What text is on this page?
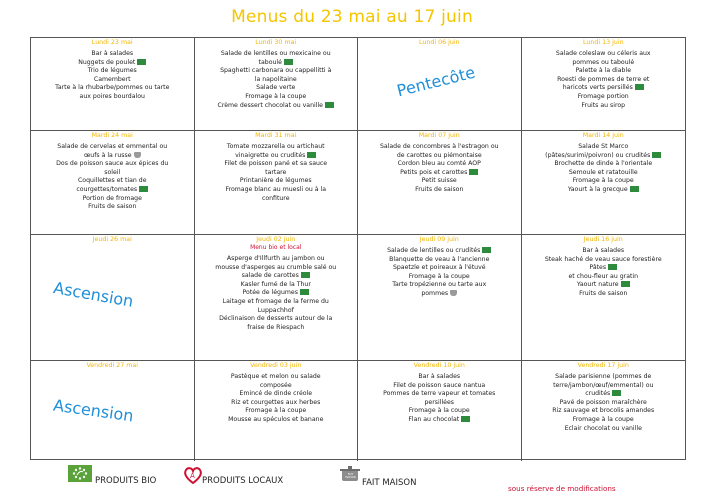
Menus du 23 mai au 17 juin
Lundi 23 mai
Bar à salades
Nuggets de poulet
Trio de légumes
Camembert
Tarte à la rhubarbe/pommes ou tarte
aux poires bourdalou
Lundi 30 mai
Salade de lentilles ou mexicaine ou
taboulé
Spaghetti carbonara ou cappellitti à
la napolitaine
Salade verte
Fromage à la coupe
Crème dessert chocolat ou vanille
Lundi 06 juin
Pentecôte
Lundi 13 juin
Salade coleslaw ou céleris aux
pommes ou taboulé
Palette à la diable
Roesti de pommes de terre et
haricots verts persillés
Fromage portion
Fruits au sirop
Mardi 24 mai
Salade de cervelas et emmental ou
œufs à la russe
Dos de poisson sauce aux épices du
soleil
Coquillettes et tian de
courgettes/tomates
Portion de fromage
Fruits de saison
Mardi 31 mai
Tomate mozzarella ou artichaut
vinaigrette ou crudités
Filet de poisson pané et sa sauce
tartare
Printanière de légumes
Fromage blanc au muesli ou à la
confiture
Mardi 07 juin
Salade de concombres à l'estragon ou
de carottes ou piémontaise
Cordon bleu au comté AOP
Petits pois et carottes
Petit suisse
Fruits de saison
Mardi 14 juin
Salade St Marco
(pâtes/surimi/poivron) ou crudités
Brochette de dinde à l'orientale
Semoule et ratatouille
Fromage à la coupe
Yaourt à la grecque
Jeudi 26 mai
Ascension
Jeudi 02 juin
Menu bio et local
Asperge d'Illfurth au jambon ou
mousse d'asperges au crumble salé ou
salade de carottes
Kasler fumé de la Thur
Potée de légumes
Laitage et fromage de la ferme du
Luppachhof
Déclinaison de desserts autour de la
fraise de Riespach
Jeudi 09 juin
Salade de lentilles ou crudités
Blanquette de veau à l'ancienne
Spaetzle et poireaux à l'étuvé
Fromage à la coupe
Tarte tropézienne ou tarte aux
pommes
Jeudi 16 juin
Bar à salades
Steak haché de veau sauce forestière
Pâtes
et chou-fleur au gratin
Yaourt nature
Fruits de saison
Vendredi 27 mai
Ascension
Vendredi 03 juin
Pastèque et melon ou salade
composée
Emincé de dinde créole
Riz et courgettes aux herbes
Fromage à la coupe
Mousse au spéculos et banane
Vendredi 10 juin
Bar à salades
Filet de poisson sauce nantua
Pommes de terre vapeur et tomates
persillées
Fromage à la coupe
Flan au chocolat
Vendredi 17 juin
Salade parisienne (pommes de
terre/jambon/œuf/emmental) ou
crudités
Pavé de poisson maraîchère
Riz sauvage et brocolis amandes
Fromage à la coupe
Eclair chocolat ou vanille
PRODUITS BIO	A PRODUITS LOCAUX
FAIT MAISON
FAIT MAISON
sous réserve de modifications
